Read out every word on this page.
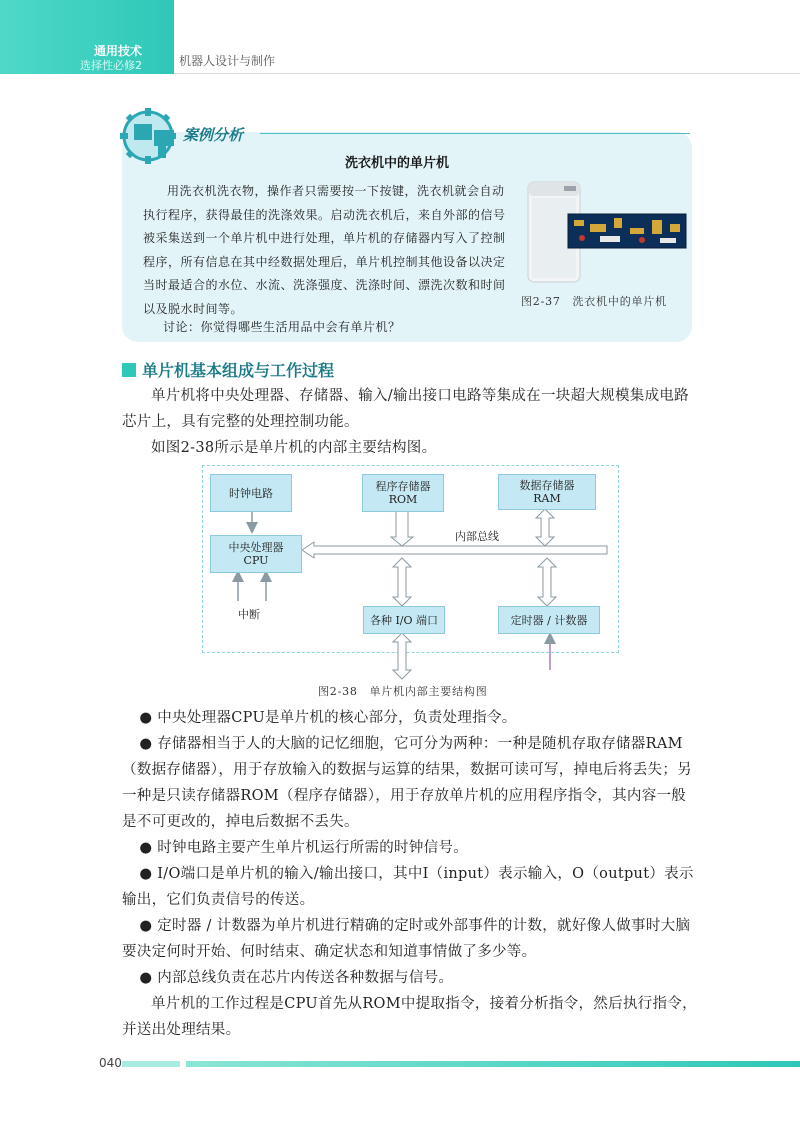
通用技术
选择性必修2	机器人设计与制作
案例分析
洗衣机中的单片机
用洗衣机洗衣物，操作者只需要按一下按键，洗衣机就会自动执行程序，获得最佳的洗涤效果。启动洗衣机后，来自外部的信号被采集送到一个单片机中进行处理，单片机的存储器内写入了控制程序，所有信息在其中经数据处理后，单片机控制其他设备以决定当时最适合的水位、水流、洗涤强度、洗涤时间、漂洗次数和时间以及脱水时间等。
讨论：你觉得哪些生活用品中会有单片机？
图2-37　洗衣机中的单片机
单片机基本组成与工作过程
单片机将中央处理器、存储器、输入/输出接口电路等集成在一块超大规模集成电路芯片上，具有完整的处理控制功能。
如图2-38所示是单片机的内部主要结构图。
时钟电路	程序存储器
ROM
数据存储器
RAM
内部总线
中央处理器
CPU
中断	各种 I/O 端口	定时器 / 计数器
图2-38　单片机内部主要结构图

● 中央处理器CPU是单片机的核心部分，负责处理指令。

● 存储器相当于人的大脑的记忆细胞，它可分为两种：一种是随机存取存储器RAM（数据存储器），用于存放输入的数据与运算的结果，数据可读可写，掉电后将丢失；另一种是只读存储器ROM（程序存储器），用于存放单片机的应用程序指令，其内容一般是不可更改的，掉电后数据不丢失。

● 时钟电路主要产生单片机运行所需的时钟信号。

● I/O端口是单片机的输入/输出接口，其中I（input）表示输入，O（output）表示输出，它们负责信号的传送。

● 定时器 / 计数器为单片机进行精确的定时或外部事件的计数，就好像人做事时大脑要决定何时开始、何时结束、确定状态和知道事情做了多少等。

● 内部总线负责在芯片内传送各种数据与信号。

单片机的工作过程是CPU首先从ROM中提取指令，接着分析指令，然后执行指令，并送出处理结果。

040
